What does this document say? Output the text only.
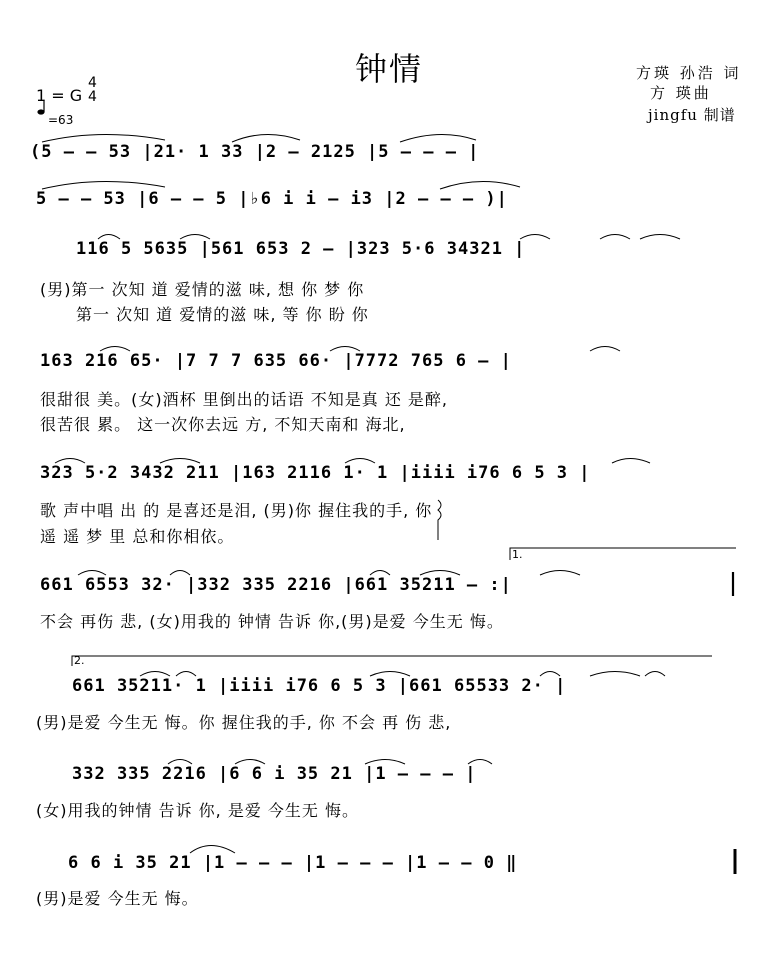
钟情	方瑛 孙浩 词
方 瑛曲
jingfu 制谱
1 = G
4
4
=63
(5 – – 53 |21· 1 33 |2 – 2125 |5 – – – |
5 – – 53 |6 – – 5 |♭6 i i – i3 |2 – – – )|
116 5 5635 |561 653 2 – |323 5·6 34321 |
(男)第一 次知 道 爱情的滋 味, 想 你 梦 你
第一 次知 道 爱情的滋 味, 等 你 盼 你
163 216 65· |7 7 7 635 66· |7772 765 6 – |
很甜很 美。(女)酒杯 里倒出的话语 不知是真 还 是醉,
很苦很 累。 这一次你去远 方, 不知天南和 海北,
323 5·2 3432 211 |163 2116 1· 1 |iiii i76 6 5 3 |
歌 声中唱 出 的 是喜还是泪, (男)你 握住我的手, 你
遥 遥 梦 里 总和你相依。
1.
661 6553 32· |332 335 2216 |661 35211 – :|
不会 再伤 悲, (女)用我的 钟情 告诉 你,(男)是爱 今生无 悔。
2.
661 35211· 1 |iiii i76 6 5 3 |661 65533 2· |
(男)是爱 今生无 悔。你 握住我的手, 你 不会 再 伤 悲,
332 335 2216 |6 6 i 35 21 |1 – – – |
(女)用我的钟情 告诉 你, 是爱 今生无 悔。
6 6 i 35 21 |1 – – – |1 – – – |1 – – 0 ‖
(男)是爱 今生无 悔。
